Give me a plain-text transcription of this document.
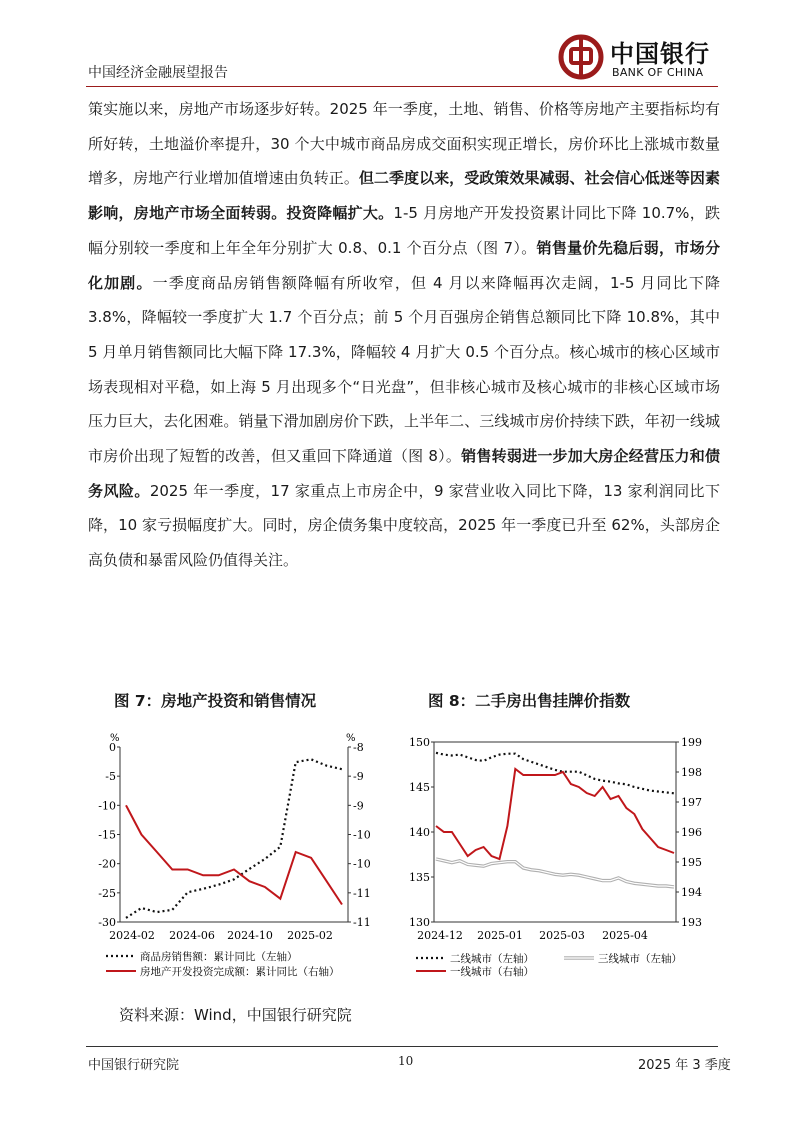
中国经济金融展望报告
中国银行
BANK OF CHINA
策实施以来，房地产市场逐步好转。2025 年一季度，土地、销售、价格等房地产主要指标均有所好转，土地溢价率提升，30 个大中城市商品房成交面积实现正增长，房价环比上涨城市数量增多，房地产行业增加值增速由负转正。但二季度以来，受政策效果减弱、社会信心低迷等因素影响，房地产市场全面转弱。投资降幅扩大。1-5 月房地产开发投资累计同比下降 10.7%，跌幅分别较一季度和上年全年分别扩大 0.8、0.1 个百分点（图 7）。销售量价先稳后弱，市场分化加剧。一季度商品房销售额降幅有所收窄，但 4 月以来降幅再次走阔，1-5 月同比下降 3.8%，降幅较一季度扩大 1.7 个百分点；前 5 个月百强房企销售总额同比下降 10.8%，其中 5 月单月销售额同比大幅下降 17.3%，降幅较 4 月扩大 0.5 个百分点。核心城市的核心区域市场表现相对平稳，如上海 5 月出现多个“日光盘”，但非核心城市及核心城市的非核心区域市场压力巨大，去化困难。销量下滑加剧房价下跌，上半年二、三线城市房价持续下跌，年初一线城市房价出现了短暂的改善，但又重回下降通道（图 8）。销售转弱进一步加大房企经营压力和债务风险。2025 年一季度，17 家重点上市房企中，9 家营业收入同比下降，13 家利润同比下降，10 家亏损幅度扩大。同时，房企债务集中度较高，2025 年一季度已升至 62%，头部房企高负债和暴雷风险仍值得关注。
图 7：房地产投资和销售情况	图 8：二手房出售挂牌价指数
0
-5
-10
-15
-20
-25
-30
-8
-9
-9
-10
-10
-11
-11
%	%
2024-02 2024-06 2024-10 2025-02
商品房销售额：累计同比（左轴）
房地产开发投资完成额：累计同比（右轴）
130
135
140
145
150
193
194
195
196
197
198
199
2024-12 2025-01 2025-03 2025-04
二线城市（左轴）	三线城市（左轴）
一线城市（右轴）
资料来源：Wind，中国银行研究院
中国银行研究院	10	2025 年 3 季度
